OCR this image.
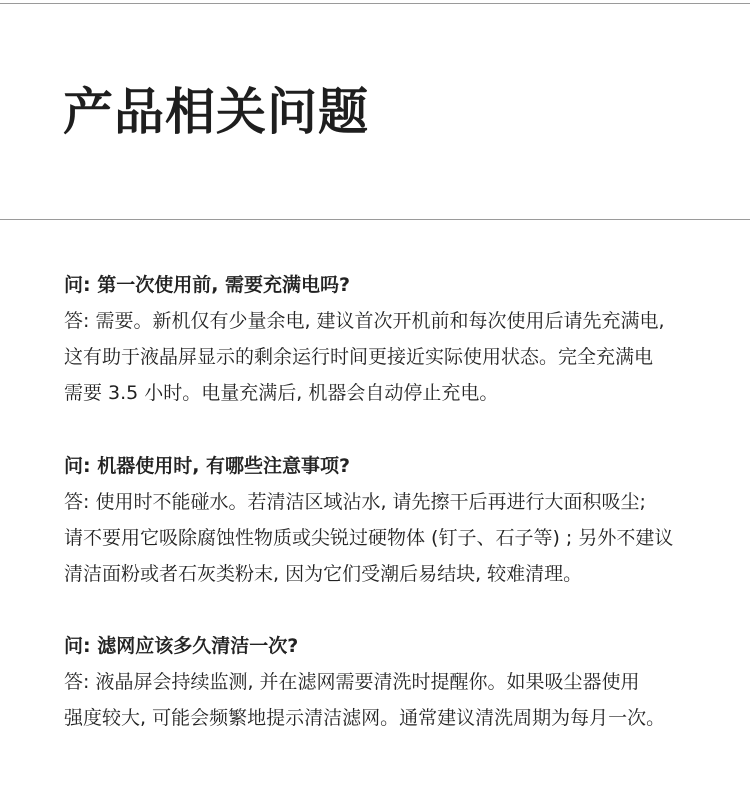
产品相关问题

问: 第一次使用前, 需要充满电吗?

答: 需要。新机仅有少量余电, 建议首次开机前和每次使用后请先充满电,
这有助于液晶屏显示的剩余运行时间更接近实际使用状态。完全充满电
需要 3.5 小时。电量充满后, 机器会自动停止充电。

问: 机器使用时, 有哪些注意事项?

答: 使用时不能碰水。若清洁区域沾水, 请先擦干后再进行大面积吸尘;
请不要用它吸除腐蚀性物质或尖锐过硬物体 (钉子、石子等) ; 另外不建议
清洁面粉或者石灰类粉末, 因为它们受潮后易结块, 较难清理。

问: 滤网应该多久清洁一次?

答: 液晶屏会持续监测, 并在滤网需要清洗时提醒你。如果吸尘器使用
强度较大, 可能会频繁地提示清洁滤网。通常建议清洗周期为每月一次。
